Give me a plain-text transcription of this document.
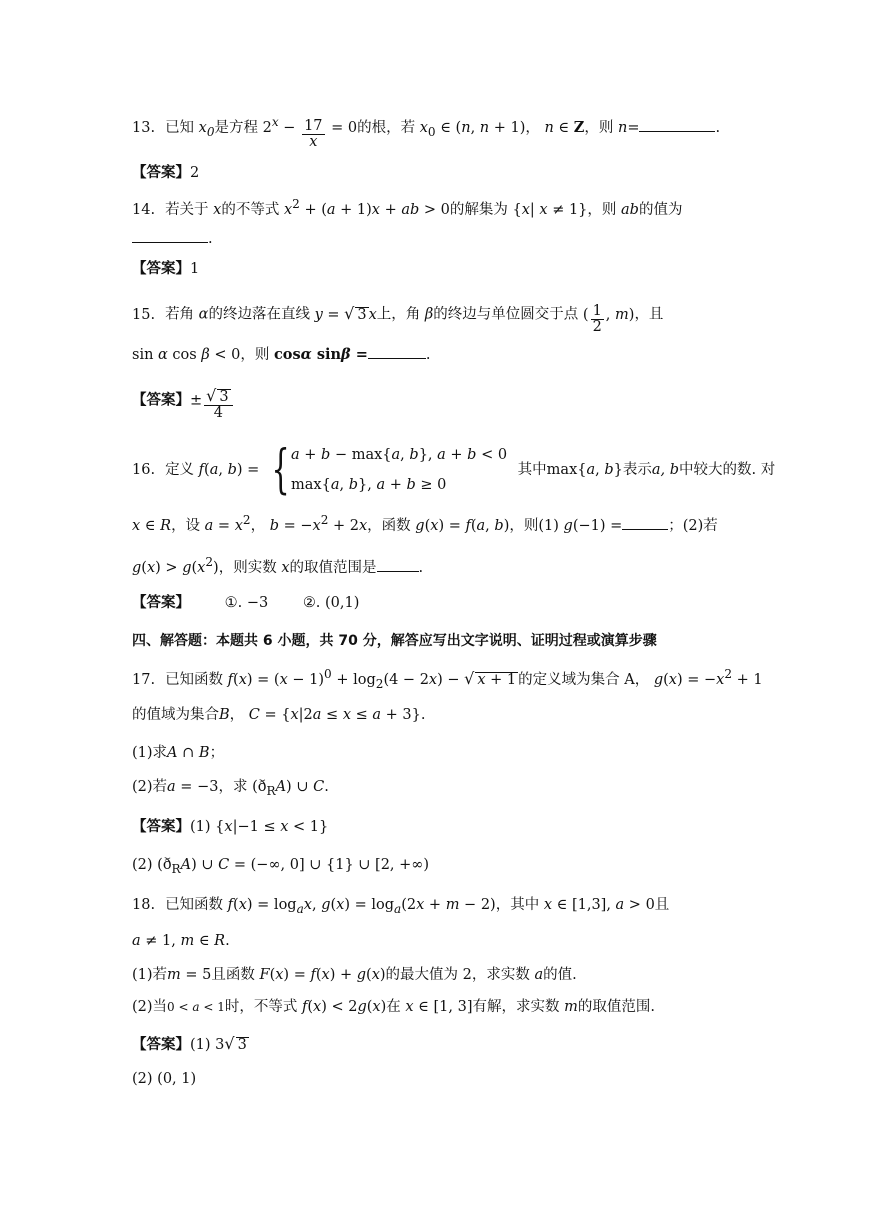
13. 已知 $x_0$是方程 $2^x - \frac{17}{x} = 0$的根，若 $x_0$ ∈ (n, n + 1)， n ∈ Z，则 n=	.
【答案】2
14. 若关于 x的不等式 $x^2 + (a + 1)x$ + ab > 0的解集为 {x| x ≠ 1}，则 ab的值为
.
【答案】1
15. 若角 α的终边落在直线 y = √ 3 x上，角 β的终边与单位圆交于点 ( $\frac{1}{2}$ , m)，且
sin α cos β < 0，则 cosα sinβ =	.
【答案】± $\frac{√ 3}{4}$
16. 定义 f(a, b) = { a + b − max{a, b}, a + b < 0
max{a, b}, a + b ≥ 0
其中max{a, b}表示a, b中较大的数. 对
x ∈ R，设 $a = x^2$， $b = -x^2 + 2x$，函数 g(x) = f(a, b)，则(1) g(−1) =	；(2)若
$g(x) > g(x^2)$，则实数 x的取值范围是	.
【答案】 ①. −3 ②. (0,1)
四、解答题：本题共 6 小题，共 70 分，解答应写出文字说明、证明过程或演算步骤
17. 已知函数 $f(x) = (x - 1)^0 + \log_2(4 - 2x)$ − √ x + 1 的定义域为集合 A， $g(x) = -x^2 + 1$
的值域为集合B， C = {x|2a ≤ x ≤ a + 3}.
(1)求A ∩ B；
(2)若a = −3，求 $(ð_RA)$ ∪ C.
【答案】(1) {x|−1 ≤ x < 1}
(2) $(ð_RA)$ ∪ C = (−∞, 0] ∪ {1} ∪ [2, +∞)
18. 已知函数 $f(x) = \log_ax$, $g(x) = \log_a(2x + m - 2)$，其中 x ∈ [1,3], a > 0且
a ≠ 1, m ∈ R.
(1)若m = 5且函数 F(x) = f(x) + g(x)的最大值为 2，求实数 a的值.
(2)当0 < a < 1时，不等式 f(x) < 2g(x)在 x ∈ [1, 3]有解，求实数 m的取值范围.
【答案】(1) 3√ 3
(2) (0, 1)
